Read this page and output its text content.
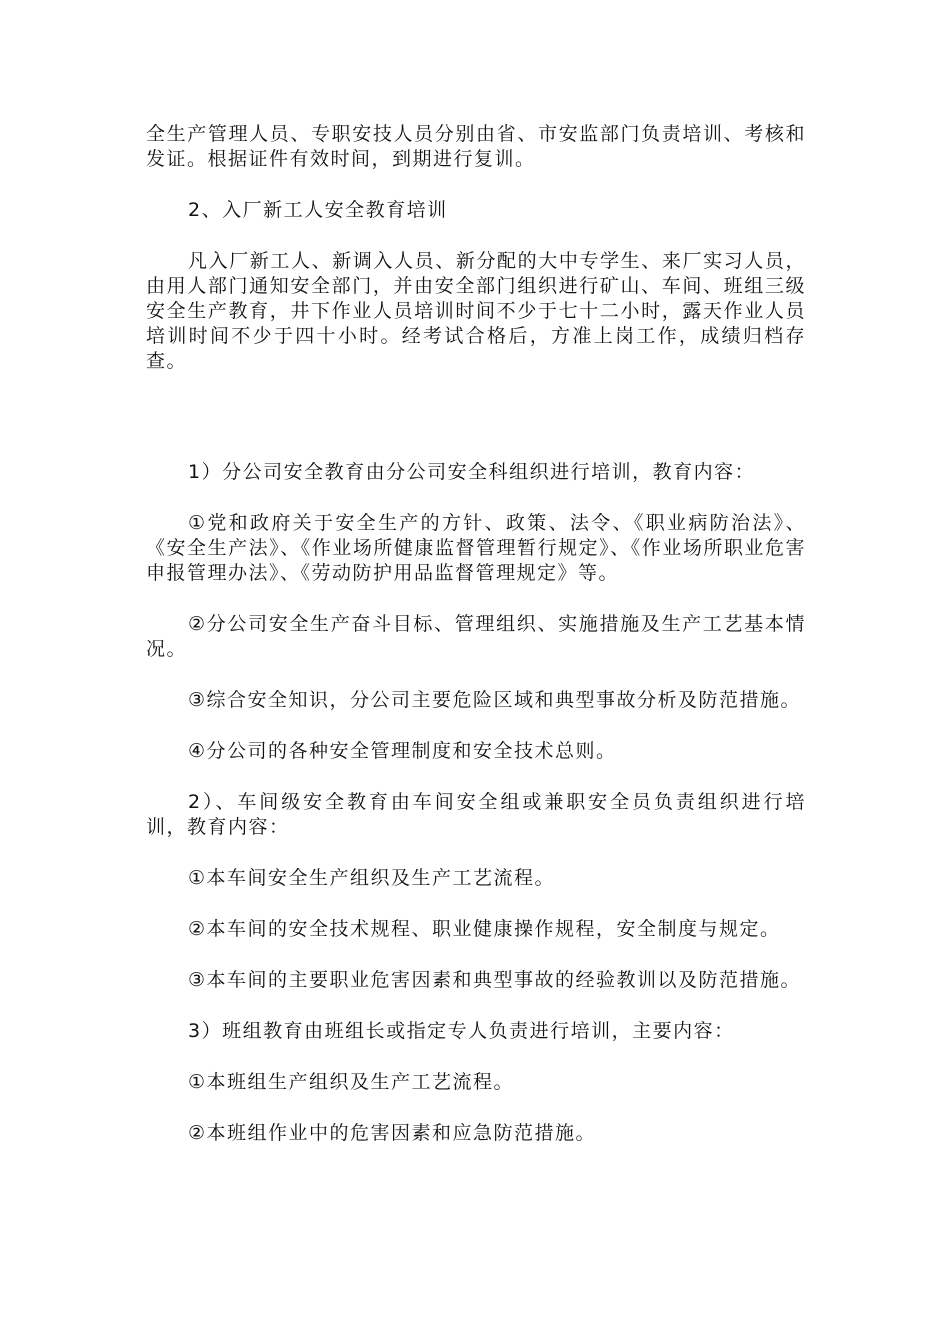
全生产管理人员、专职安技人员分别由省、市安监部门负责培训、考核和发证。根据证件有效时间，到期进行复训。

2、入厂新工人安全教育培训

凡入厂新工人、新调入人员、新分配的大中专学生、来厂实习人员，由用人部门通知安全部门，并由安全部门组织进行矿山、车间、班组三级安全生产教育，井下作业人员培训时间不少于七十二小时，露天作业人员培训时间不少于四十小时。经考试合格后，方准上岗工作，成绩归档存查。

1）分公司安全教育由分公司安全科组织进行培训，教育内容：

①党和政府关于安全生产的方针、政策、法令、《职业病防治法》、《安全生产法》、《作业场所健康监督管理暂行规定》、《作业场所职业危害申报管理办法》、《劳动防护用品监督管理规定》等。

②分公司安全生产奋斗目标、管理组织、实施措施及生产工艺基本情况。

③综合安全知识，分公司主要危险区域和典型事故分析及防范措施。

④分公司的各种安全管理制度和安全技术总则。

2）、车间级安全教育由车间安全组或兼职安全员负责组织进行培训，教育内容：

①本车间安全生产组织及生产工艺流程。

②本车间的安全技术规程、职业健康操作规程，安全制度与规定。

③本车间的主要职业危害因素和典型事故的经验教训以及防范措施。

3）班组教育由班组长或指定专人负责进行培训，主要内容：

①本班组生产组织及生产工艺流程。

②本班组作业中的危害因素和应急防范措施。
